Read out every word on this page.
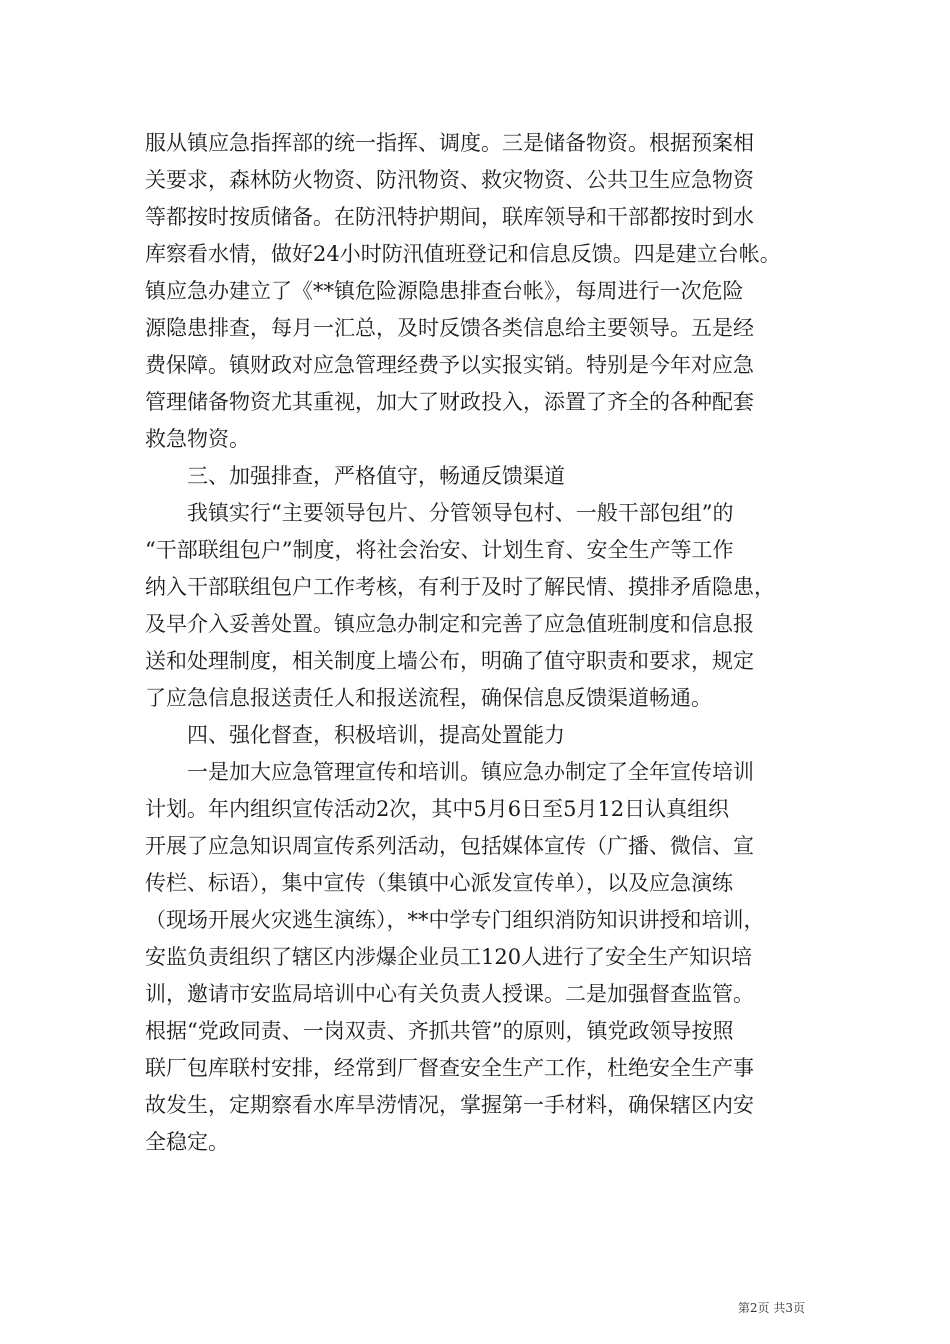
服从镇应急指挥部的统一指挥、调度。三是储备物资。根据预案相
关要求，森林防火物资、防汛物资、救灾物资、公共卫生应急物资
等都按时按质储备。在防汛特护期间，联库领导和干部都按时到水
库察看水情，做好24小时防汛值班登记和信息反馈。四是建立台帐。
镇应急办建立了《**镇危险源隐患排查台帐》，每周进行一次危险
源隐患排查，每月一汇总，及时反馈各类信息给主要领导。五是经
费保障。镇财政对应急管理经费予以实报实销。特别是今年对应急
管理储备物资尤其重视，加大了财政投入，添置了齐全的各种配套
救急物资。
三、加强排查，严格值守，畅通反馈渠道
我镇实行“主要领导包片、分管领导包村、一般干部包组”的
“干部联组包户”制度，将社会治安、计划生育、安全生产等工作
纳入干部联组包户工作考核，有利于及时了解民情、摸排矛盾隐患，
及早介入妥善处置。镇应急办制定和完善了应急值班制度和信息报
送和处理制度，相关制度上墙公布，明确了值守职责和要求，规定
了应急信息报送责任人和报送流程，确保信息反馈渠道畅通。
四、强化督查，积极培训，提高处置能力
一是加大应急管理宣传和培训。镇应急办制定了全年宣传培训
计划。年内组织宣传活动2次，其中5月6日至5月12日认真组织
开展了应急知识周宣传系列活动，包括媒体宣传（广播、微信、宣
传栏、标语），集中宣传（集镇中心派发宣传单），以及应急演练
（现场开展火灾逃生演练），**中学专门组织消防知识讲授和培训，
安监负责组织了辖区内涉爆企业员工120人进行了安全生产知识培
训，邀请市安监局培训中心有关负责人授课。二是加强督查监管。
根据“党政同责、一岗双责、齐抓共管”的原则，镇党政领导按照
联厂包库联村安排，经常到厂督查安全生产工作，杜绝安全生产事
故发生，定期察看水库旱涝情况，掌握第一手材料，确保辖区内安
全稳定。
第2页 共3页
